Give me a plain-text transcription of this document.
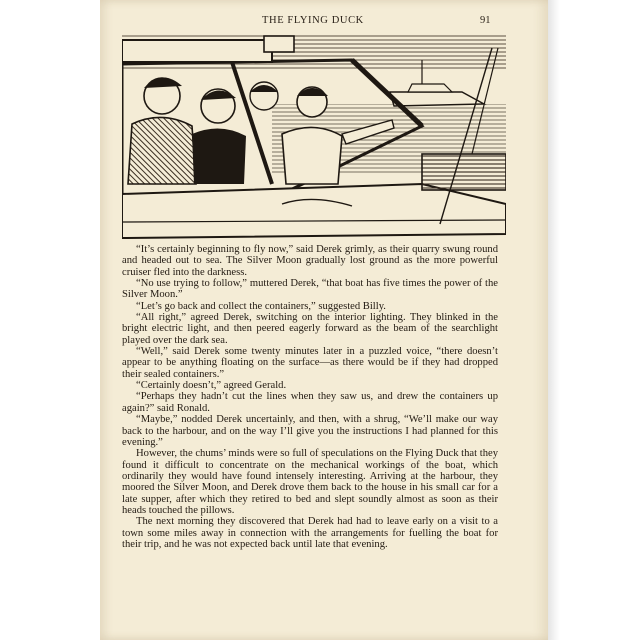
THE FLYING DUCK	91

“It’s certainly beginning to fly now,” said Derek grimly, as their quarry swung round and headed out to sea. The Silver Moon gradually lost ground as the more powerful cruiser fled into the darkness.

“No use trying to follow,” muttered Derek, “that boat has five times the power of the Silver Moon.”

“Let’s go back and collect the containers,” suggested Billy.

“All right,” agreed Derek, switching on the interior lighting. They blinked in the bright electric light, and then peered eagerly forward as the beam of the searchlight played over the dark sea.

“Well,” said Derek some twenty minutes later in a puzzled voice, “there doesn’t appear to be anything floating on the surface—as there would be if they had dropped their sealed containers.”

“Certainly doesn’t,” agreed Gerald.

“Perhaps they hadn’t cut the lines when they saw us, and drew the containers up again?” said Ronald.

“Maybe,” nodded Derek uncertainly, and then, with a shrug, “We’ll make our way back to the harbour, and on the way I’ll give you the instructions I had planned for this evening.”

However, the chums’ minds were so full of speculations on the Flying Duck that they found it difficult to concentrate on the mechanical workings of the boat, which ordinarily they would have found intensely interesting. Arriving at the harbour, they moored the Silver Moon, and Derek drove them back to the house in his small car for a late supper, after which they retired to bed and slept soundly almost as soon as their heads touched the pillows.

The next morning they discovered that Derek had had to leave early on a visit to a town some miles away in connection with the arrangements for fuelling the boat for their trip, and he was not expected back until late that evening.
